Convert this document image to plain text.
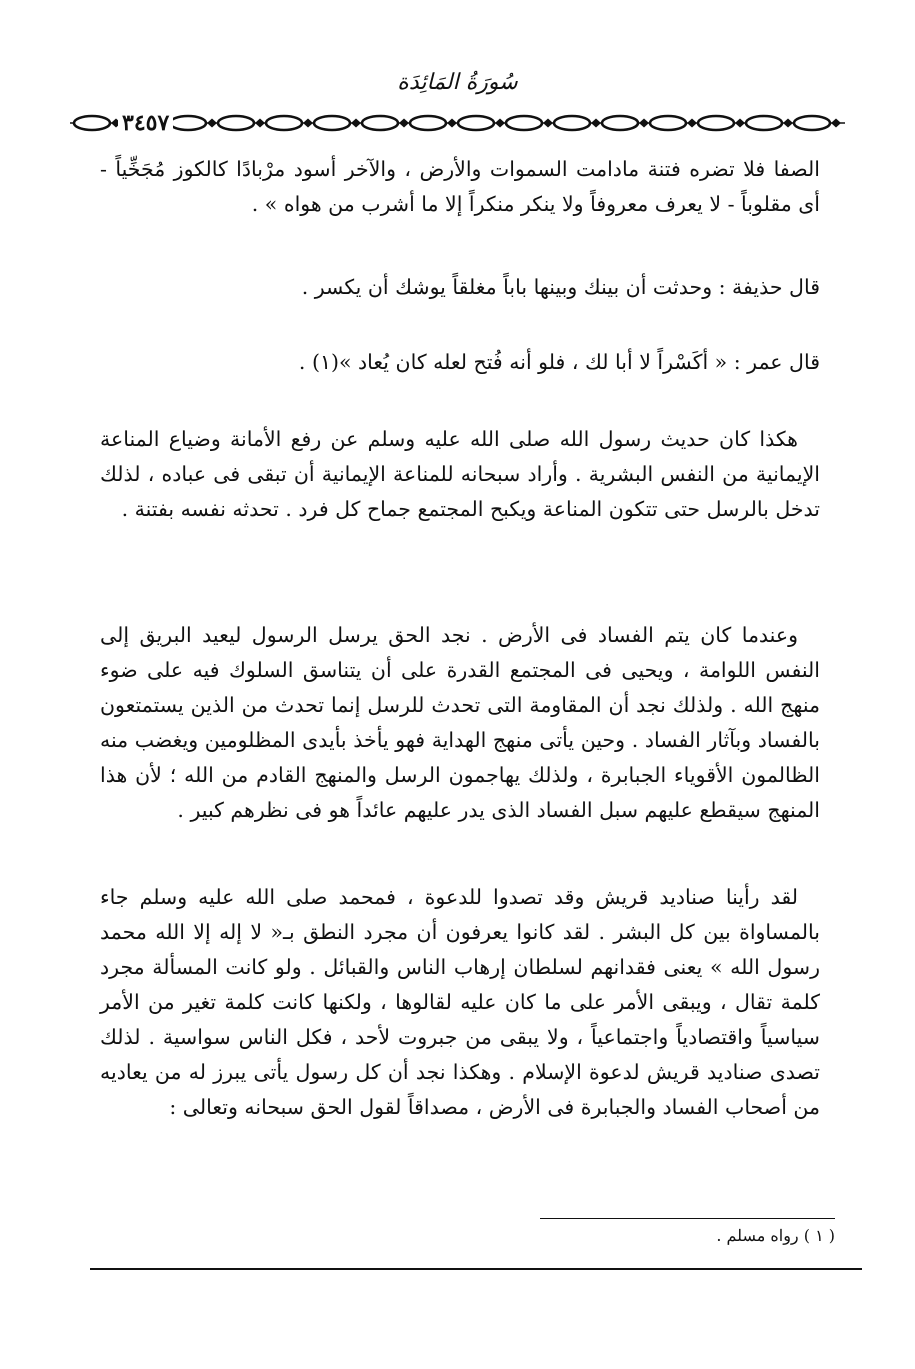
سُورَةُ المَائِدَة
٣٤٥٧

الصفا فلا تضره فتنة مادامت السموات والأرض ، والآخر أسود مرْبادًا كالكوز مُجَخِّياً - أى مقلوباً - لا يعرف معروفاً ولا ينكر منكراً إلا ما أشرب من هواه » .

قال حذيفة : وحدثت أن بينك وبينها باباً مغلقاً يوشك أن يكسر .

قال عمر : « أكَسْراً لا أبا لك ، فلو أنه فُتح لعله كان يُعاد »(١) .

هكذا كان حديث رسول الله صلى الله عليه وسلم عن رفع الأمانة وضياع المناعة الإيمانية من النفس البشرية . وأراد سبحانه للمناعة الإيمانية أن تبقى فى عباده ، لذلك تدخل بالرسل حتى تتكون المناعة ويكبح المجتمع جماح كل فرد . تحدثه نفسه بفتنة .

وعندما كان يتم الفساد فى الأرض . نجد الحق يرسل الرسول ليعيد البريق إلى النفس اللوامة ، ويحيى فى المجتمع القدرة على أن يتناسق السلوك فيه على ضوء منهج الله . ولذلك نجد أن المقاومة التى تحدث للرسل إنما تحدث من الذين يستمتعون بالفساد وبآثار الفساد . وحين يأتى منهج الهداية فهو يأخذ بأيدى المظلومين ويغضب منه الظالمون الأقوياء الجبابرة ، ولذلك يهاجمون الرسل والمنهج القادم من الله ؛ لأن هذا المنهج سيقطع عليهم سبل الفساد الذى يدر عليهم عائداً هو فى نظرهم كبير .

لقد رأينا صناديد قريش وقد تصدوا للدعوة ، فمحمد صلى الله عليه وسلم جاء بالمساواة بين كل البشر . لقد كانوا يعرفون أن مجرد النطق بـ« لا إله إلا الله محمد رسول الله » يعنى فقدانهم لسلطان إرهاب الناس والقبائل . ولو كانت المسألة مجرد كلمة تقال ، ويبقى الأمر على ما كان عليه لقالوها ، ولكنها كانت كلمة تغير من الأمر سياسياً واقتصادياً واجتماعياً ، ولا يبقى من جبروت لأحد ، فكل الناس سواسية . لذلك تصدى صناديد قريش لدعوة الإسلام . وهكذا نجد أن كل رسول يأتى يبرز له من يعاديه من أصحاب الفساد والجبابرة فى الأرض ، مصداقاً لقول الحق سبحانه وتعالى :

( ١ ) رواه مسلم .
